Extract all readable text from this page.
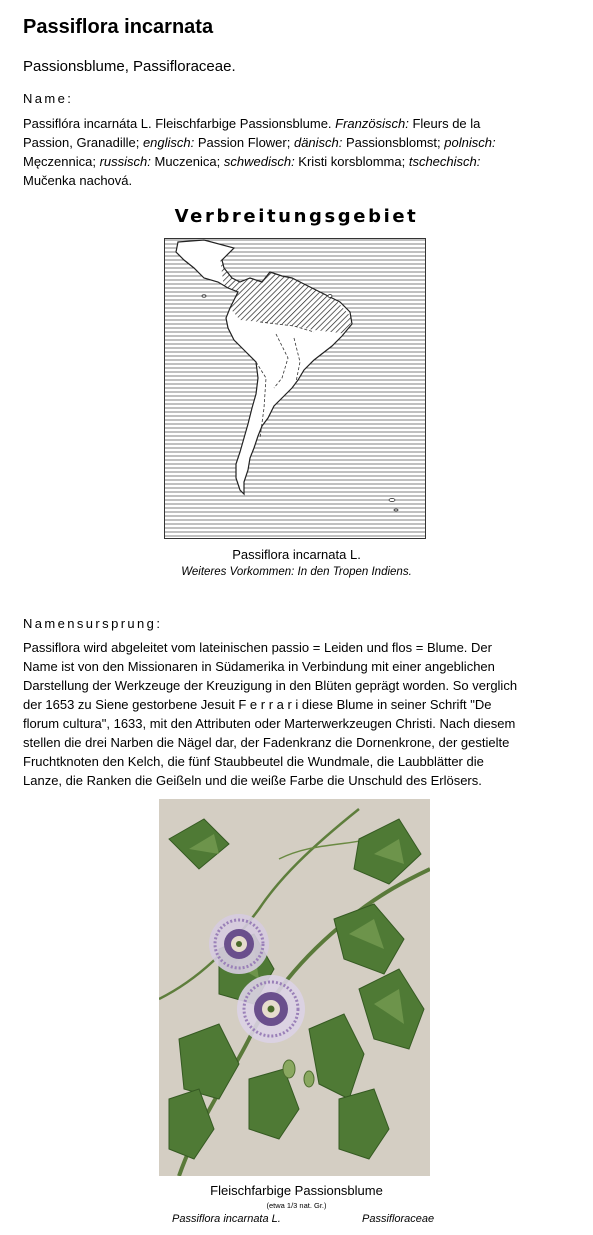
Passiflora incarnata
Passionsblume, Passifloraceae.
Name:
Passiflóra incarnáta L. Fleischfarbige Passionsblume. Französisch: Fleurs de la
Passion, Granadille; englisch: Passion Flower; dänisch: Passionsblomst; polnisch:
Męczennica; russisch: Muczenica; schwedisch: Kristi korsblomma; tschechisch:
Mučenka nachová.
Verbreitungsgebiet
Passiflora incarnata L.
Weiteres Vorkommen: In den Tropen Indiens.
Namensursprung:
Passiflora wird abgeleitet vom lateinischen passio = Leiden und flos = Blume. Der
Name ist von den Missionaren in Südamerika in Verbindung mit einer angeblichen
Darstellung der Werkzeuge der Kreuzigung in den Blüten geprägt worden. So verglich
der 1653 zu Siene gestorbene Jesuit F e r r a r i diese Blume in seiner Schrift "De
florum cultura", 1633, mit den Attributen oder Marterwerkzeugen Christi. Nach diesem
stellen die drei Narben die Nägel dar, der Fadenkranz die Dornenkrone, der gestielte
Fruchtknoten den Kelch, die fünf Staubbeutel die Wundmale, die Laubblätter die
Lanze, die Ranken die Geißeln und die weiße Farbe die Unschuld des Erlösers.
Fleischfarbige Passionsblume
(etwa 1/3 nat. Gr.)
Passiflora incarnata L.	Passifloraceae
